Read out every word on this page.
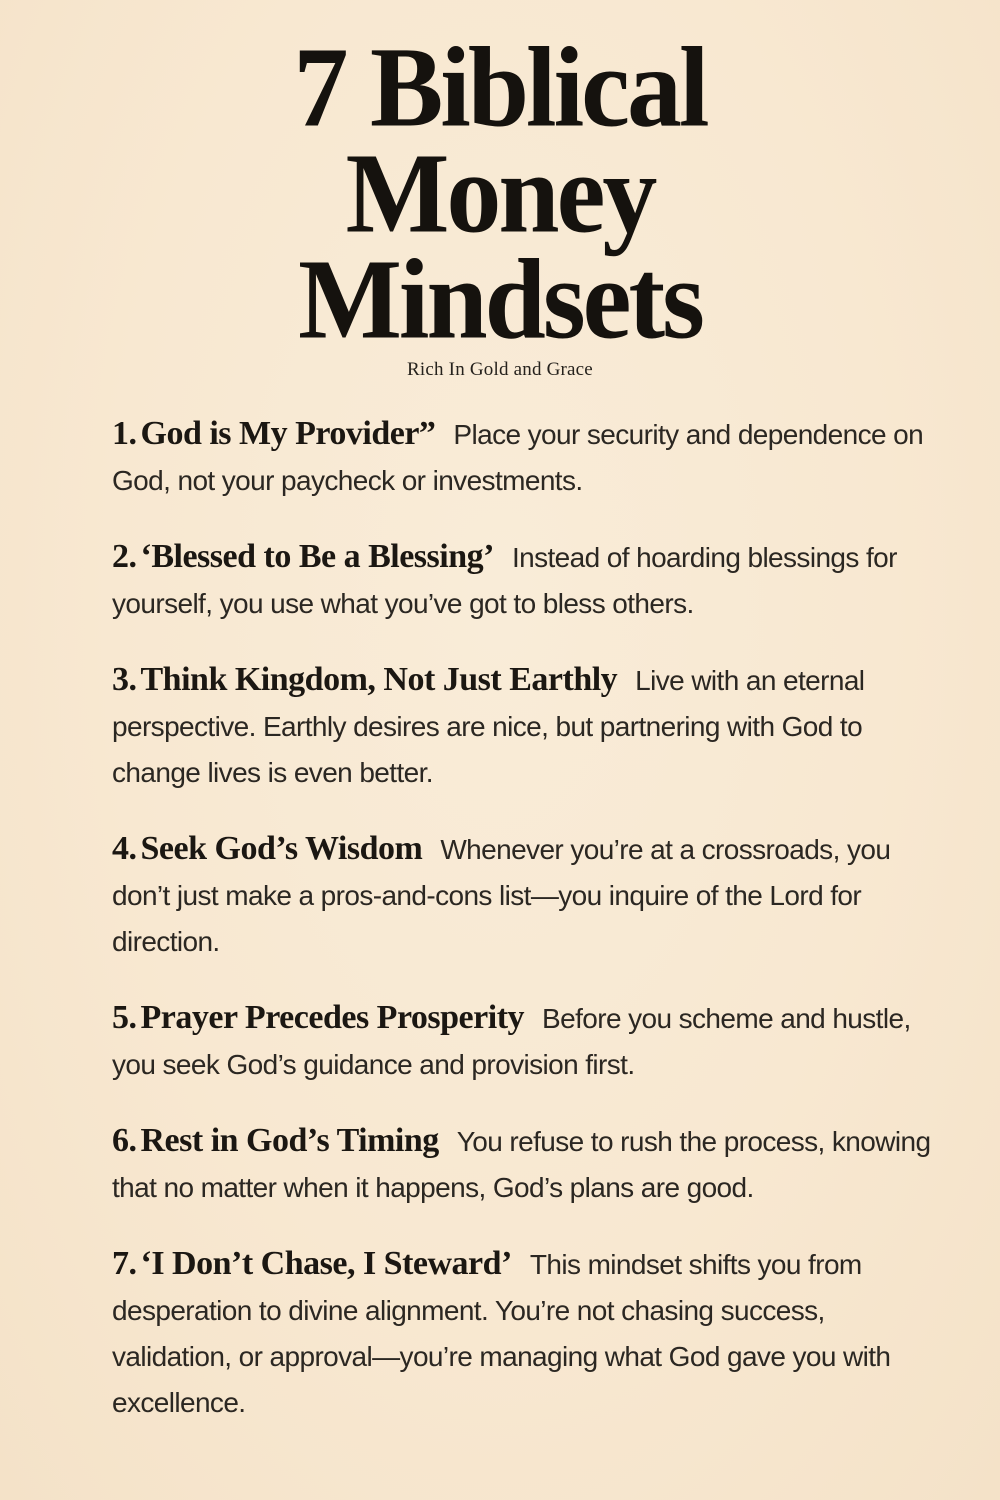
7 Biblical
Money
Mindsets
Rich In Gold and Grace

1. God is My Provider” Place your security and dependence on God, not your paycheck or investments.

2. ‘Blessed to Be a Blessing’ Instead of hoarding blessings for yourself, you use what you’ve got to bless others.

3. Think Kingdom, Not Just Earthly Live with an eternal perspective. Earthly desires are nice, but partnering with God to change lives is even better.

4. Seek God’s Wisdom Whenever you’re at a crossroads, you don’t just make a pros-and-cons list—you inquire of the Lord for direction.

5. Prayer Precedes Prosperity Before you scheme and hustle, you seek God’s guidance and provision first.

6. Rest in God’s Timing You refuse to rush the process, knowing that no matter when it happens, God’s plans are good.

7. ‘I Don’t Chase, I Steward’ This mindset shifts you from desperation to divine alignment. You’re not chasing success, validation, or approval—you’re managing what God gave you with excellence.
